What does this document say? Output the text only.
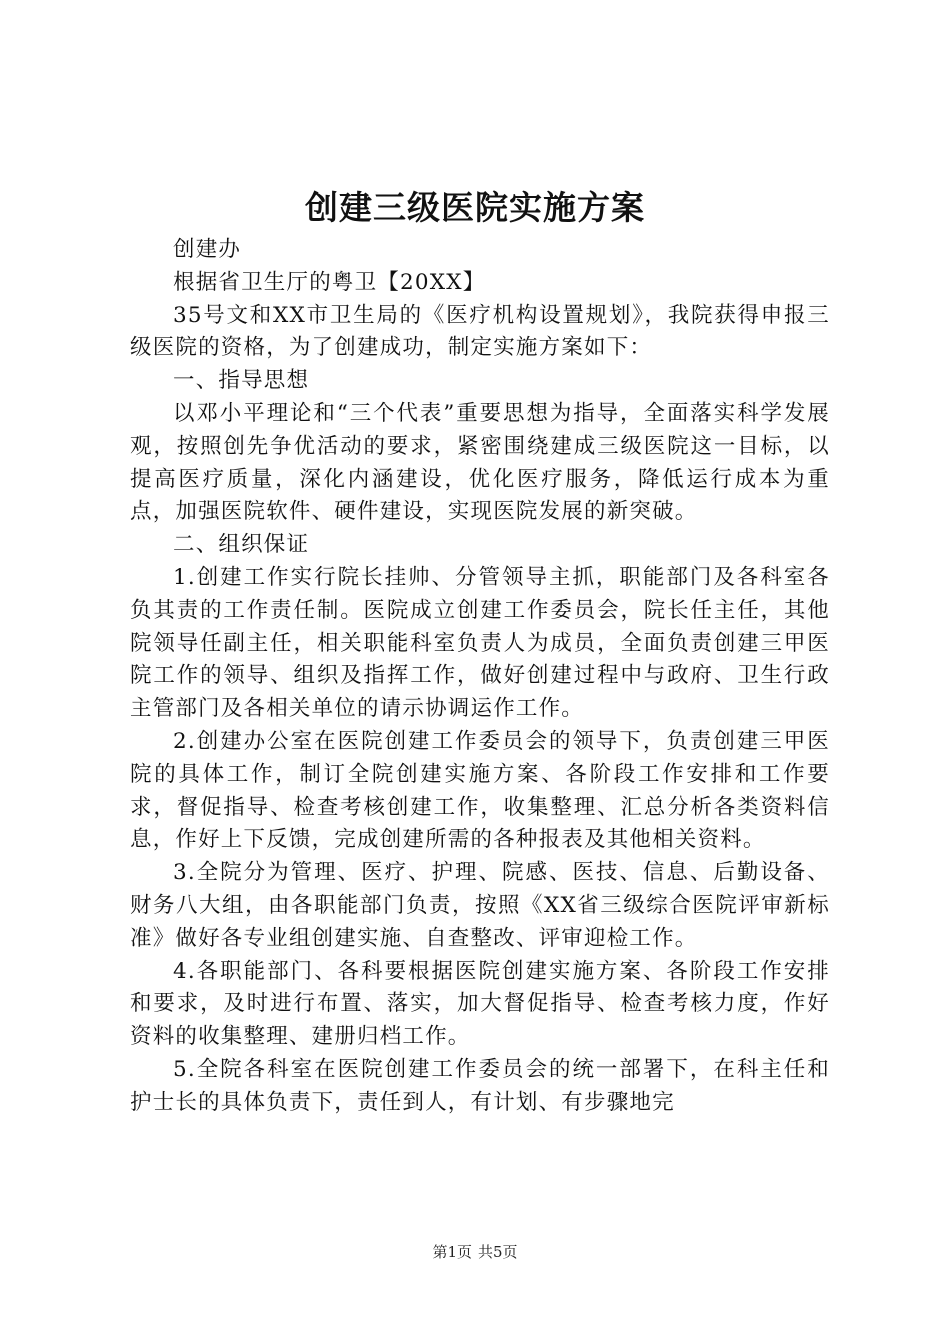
创建三级医院实施方案

创建办

根据省卫生厅的粤卫【20XX】

35号文和XX市卫生局的《医疗机构设置规划》，我院获得申报三级医院的资格，为了创建成功，制定实施方案如下：

一、指导思想

以邓小平理论和“三个代表”重要思想为指导，全面落实科学发展观，按照创先争优活动的要求，紧密围绕建成三级医院这一目标，以提高医疗质量，深化内涵建设，优化医疗服务，降低运行成本为重点，加强医院软件、硬件建设，实现医院发展的新突破。

二、组织保证

1.创建工作实行院长挂帅、分管领导主抓，职能部门及各科室各负其责的工作责任制。医院成立创建工作委员会，院长任主任，其他院领导任副主任，相关职能科室负责人为成员，全面负责创建三甲医院工作的领导、组织及指挥工作，做好创建过程中与政府、卫生行政主管部门及各相关单位的请示协调运作工作。

2.创建办公室在医院创建工作委员会的领导下，负责创建三甲医院的具体工作，制订全院创建实施方案、各阶段工作安排和工作要求，督促指导、检查考核创建工作，收集整理、汇总分析各类资料信息，作好上下反馈，完成创建所需的各种报表及其他相关资料。

3.全院分为管理、医疗、护理、院感、医技、信息、后勤设备、财务八大组，由各职能部门负责，按照《XX省三级综合医院评审新标准》做好各专业组创建实施、自查整改、评审迎检工作。

4.各职能部门、各科要根据医院创建实施方案、各阶段工作安排和要求，及时进行布置、落实，加大督促指导、检查考核力度，作好资料的收集整理、建册归档工作。

5.全院各科室在医院创建工作委员会的统一部署下，在科主任和护士长的具体负责下，责任到人，有计划、有步骤地完

第1页 共5页
